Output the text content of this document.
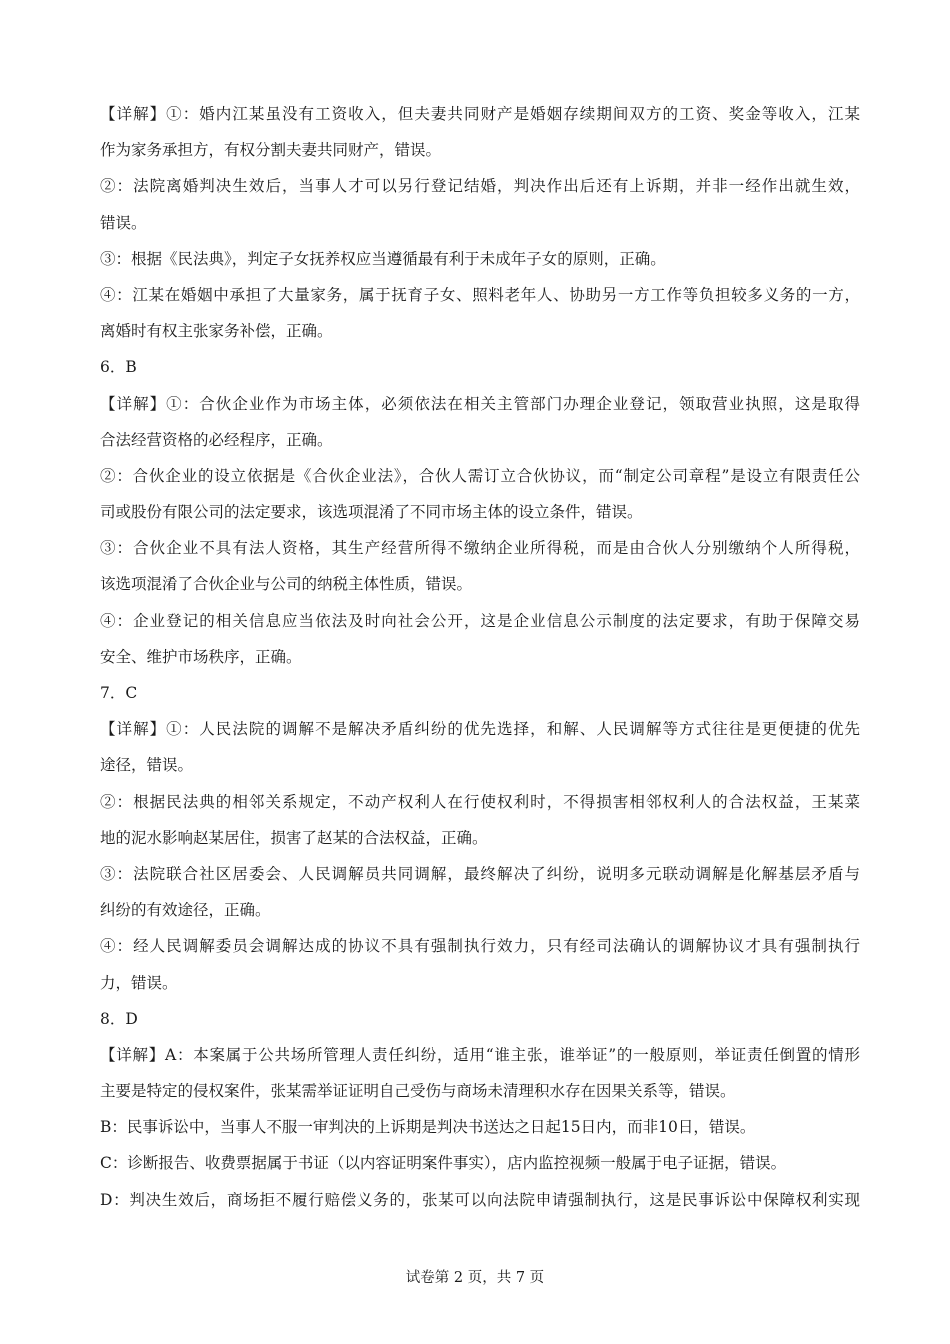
【详解】①：婚内江某虽没有工资收入，但夫妻共同财产是婚姻存续期间双方的工资、奖金等收入，江某
作为家务承担方，有权分割夫妻共同财产，错误。
②：法院离婚判决生效后，当事人才可以另行登记结婚，判决作出后还有上诉期，并非一经作出就生效，
错误。
③：根据《民法典》，判定子女抚养权应当遵循最有利于未成年子女的原则，正确。
④：江某在婚姻中承担了大量家务，属于抚育子女、照料老年人、协助另一方工作等负担较多义务的一方，
离婚时有权主张家务补偿，正确。
6．B
【详解】①：合伙企业作为市场主体，必须依法在相关主管部门办理企业登记，领取营业执照，这是取得
合法经营资格的必经程序，正确。
②：合伙企业的设立依据是《合伙企业法》，合伙人需订立合伙协议，而“制定公司章程”是设立有限责任公
司或股份有限公司的法定要求，该选项混淆了不同市场主体的设立条件，错误。
③：合伙企业不具有法人资格，其生产经营所得不缴纳企业所得税，而是由合伙人分别缴纳个人所得税，
该选项混淆了合伙企业与公司的纳税主体性质，错误。
④：企业登记的相关信息应当依法及时向社会公开，这是企业信息公示制度的法定要求，有助于保障交易
安全、维护市场秩序，正确。
7．C
【详解】①：人民法院的调解不是解决矛盾纠纷的优先选择，和解、人民调解等方式往往是更便捷的优先
途径，错误。
②：根据民法典的相邻关系规定，不动产权利人在行使权利时，不得损害相邻权利人的合法权益，王某菜
地的泥水影响赵某居住，损害了赵某的合法权益，正确。
③：法院联合社区居委会、人民调解员共同调解，最终解决了纠纷，说明多元联动调解是化解基层矛盾与
纠纷的有效途径，正确。
④：经人民调解委员会调解达成的协议不具有强制执行效力，只有经司法确认的调解协议才具有强制执行
力，错误。
8．D
【详解】A：本案属于公共场所管理人责任纠纷，适用“谁主张，谁举证”的一般原则，举证责任倒置的情形
主要是特定的侵权案件，张某需举证证明自己受伤与商场未清理积水存在因果关系等，错误。
B：民事诉讼中，当事人不服一审判决的上诉期是判决书送达之日起15日内，而非10日，错误。
C：诊断报告、收费票据属于书证（以内容证明案件事实），店内监控视频一般属于电子证据，错误。
D：判决生效后，商场拒不履行赔偿义务的，张某可以向法院申请强制执行，这是民事诉讼中保障权利实现
试卷第 2 页，共 7 页
